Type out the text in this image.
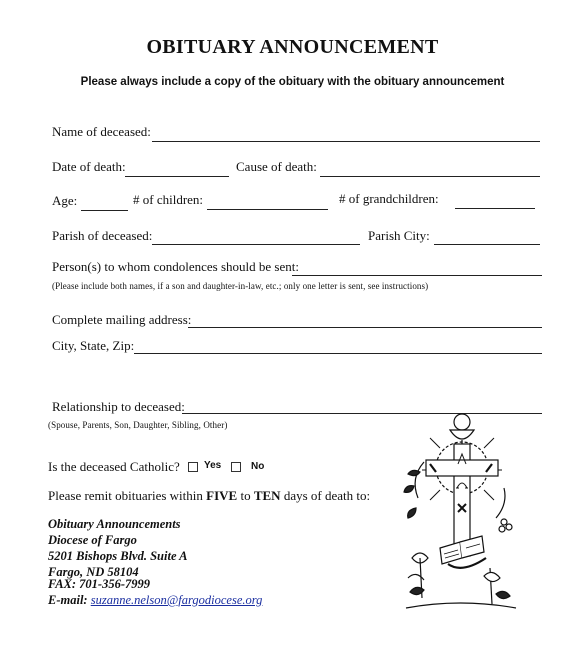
OBITUARY ANNOUNCEMENT
Please always include a copy of the obituary with the obituary announcement
Name of deceased:
Date of death:	Cause of death:
Age:	# of children:	# of grandchildren:
Parish of deceased:	Parish City:
Person(s) to whom condolences should be sent:
(Please include both names, if a son and daughter-in-law, etc.; only one letter is sent, see instructions)
Complete mailing address:
City, State, Zip:
Relationship to deceased:
(Spouse, Parents, Son, Daughter, Sibling, Other)
Is the deceased Catholic? Yes	No
Please remit obituaries within FIVE to TEN days of death to:
Obituary Announcements
Diocese of Fargo
5201 Bishops Blvd. Suite A
Fargo, ND 58104
FAX: 701-356-7999
E-mail: suzanne.nelson@fargodiocese.org
